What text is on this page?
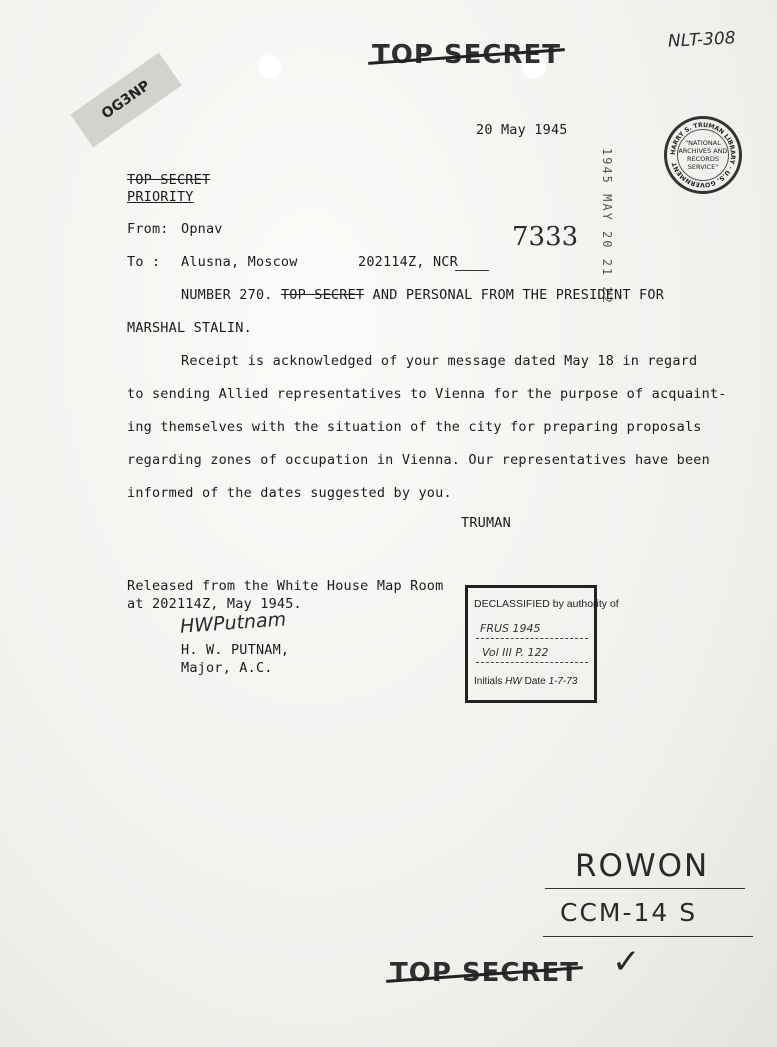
NLT-308
OG3NP
TOP SECRET
20 May 1945
HARRY S. TRUMAN LIBRARY · U.S. GOVERNMENT
"NATIONAL ARCHIVES AND RECORDS SERVICE"
1945 MAY 20 21 22
TOP SECRET
PRIORITY
From: Opnav	7333
To : Alusna, Moscow	202114Z, NCR
NUMBER 270. TOP SECRET AND PERSONAL FROM THE PRESIDENT FOR
MARSHAL STALIN.
Receipt is acknowledged of your message dated May 18 in regard
to sending Allied representatives to Vienna for the purpose of acquaint-
ing themselves with the situation of the city for preparing proposals
regarding zones of occupation in Vienna. Our representatives have been
informed of the dates suggested by you.
TRUMAN
Released from the White House Map Room
at 202114Z, May 1945.
HWPutnam
H. W. PUTNAM,
Major, A.C.
DECLASSIFIED by authority of
FRUS 1945
Vol III P. 122
Initials HW Date 1-7-73
ROWON
CCM-14 S
✓
TOP SECRET
